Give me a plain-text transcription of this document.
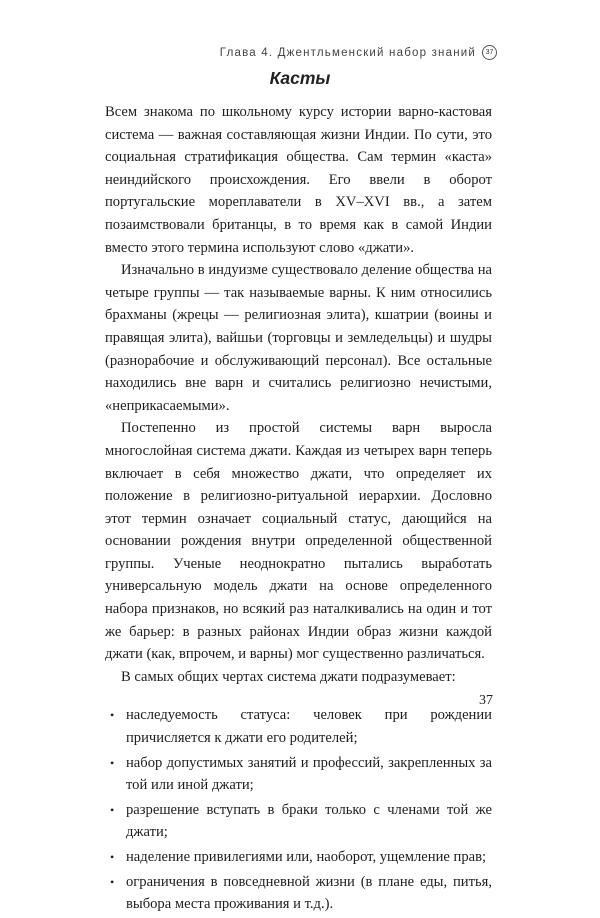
Глава 4. Джентльменский набор знаний	37
Касты

Всем знакома по школьному курсу истории варно-кастовая система — важная составляющая жизни Индии. По сути, это социальная стратификация общества. Сам термин «каста» неиндийского происхождения. Его ввели в оборот португальские мореплаватели в XV–XVI вв., а затем позаимствовали британцы, в то время как в самой Индии вместо этого термина используют слово «джати».

Изначально в индуизме существовало деление общества на четыре группы — так называемые варны. К ним относились брахманы (жрецы — религиозная элита), кшатрии (воины и правящая элита), вайшьи (торговцы и земледельцы) и шудры (разнорабочие и обслуживающий персонал). Все остальные находились вне варн и считались религиозно нечистыми, «неприкасаемыми».

Постепенно из простой системы варн выросла многослойная система джати. Каждая из четырех варн теперь включает в себя множество джати, что определяет их положение в религиозно-ритуальной иерархии. Дословно этот термин означает социальный статус, дающийся на основании рождения внутри определенной общественной группы. Ученые неоднократно пытались выработать универсальную модель джати на основе определенного набора признаков, но всякий раз наталкивались на один и тот же барьер: в разных районах Индии образ жизни каждой джати (как, впрочем, и варны) мог существенно различаться.

В самых общих чертах система джати подразумевает:

• наследуемость статуса: человек при рождении причисляется к джати его родителей;
• набор допустимых занятий и профессий, закрепленных за той или иной джати;
• разрешение вступать в браки только с членами той же джати;
• наделение привилегиями или, наоборот, ущемление прав;
• ограничения в повседневной жизни (в плане еды, питья, выбора места проживания и т.д.).
37
